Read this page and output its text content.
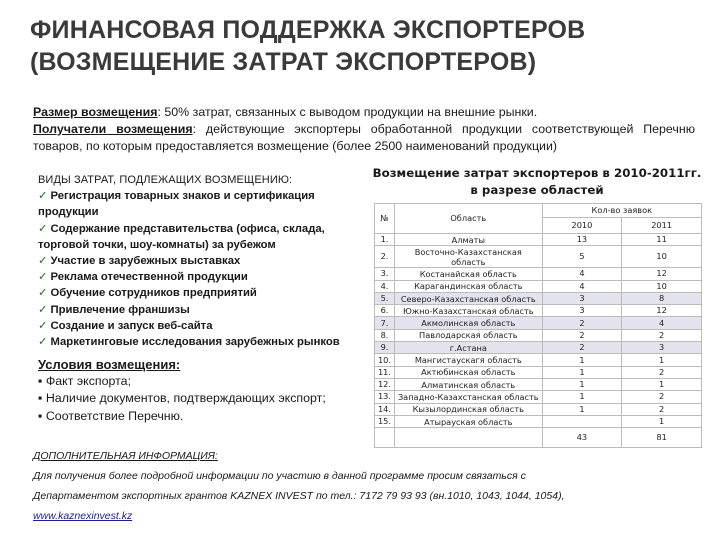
ФИНАНСОВАЯ ПОДДЕРЖКА ЭКСПОРТЕРОВ
(ВОЗМЕЩЕНИЕ ЗАТРАТ ЭКСПОРТЕРОВ)

Размер возмещения: 50% затрат, связанных с выводом продукции на внешние рынки.

Получатели возмещения: действующие экспортеры обработанной продукции соответствующей Перечню товаров, по которым предоставляется возмещение (более 2500 наименований продукции)

ВИДЫ ЗАТРАТ, ПОДЛЕЖАЩИХ ВОЗМЕЩЕНИЮ:
✓ Регистрация товарных знаков и сертификация продукции
✓ Содержание представительства (офиса, склада, торговой точки, шоу-комнаты) за рубежом
✓ Участие в зарубежных выставках
✓ Реклама отечественной продукции
✓ Обучение сотрудников предприятий
✓ Привлечение франшизы
✓ Создание и запуск веб-сайта
✓ Маркетинговые исследования зарубежных рынков
Условия возмещения:
▪ Факт экспорта;
▪ Наличие документов, подтверждающих экспорт;
▪ Соответствие Перечню.
Возмещение затрат экспортеров в 2010-2011гг.
в разрезе областей
№	Область	Кол-во заявок	
		2010	2011
1.	Алматы	13	11
2.	Восточно-Казахстанская область	5	10
3.	Костанайская область	4	12
4.	Карагандинская область	4	10
5.	Северо-Казахстанская область	3	8
6.	Южно-Казахстанская область	3	12
7.	Акмолинская область	2	4
8.	Павлодарская область	2	2
9.	г.Астана	2	3
10.	Мангистаускагя область	1	1
11.	Актюбинская область	1	2
12.	Алматинская область	1	1
13.	Западно-Казахстанская область	1	2
14.	Кызылординская область	1	2
15.	Атырауская область		1
		43	81
ДОПОЛНИТЕЛЬНАЯ ИНФОРМАЦИЯ:
Для получения более подробной информации по участию в данной программе просим связаться с
Департаментом экспортных грантов KAZNEX INVEST по тел.: 7172 79 93 93 (вн.1010, 1043, 1044, 1054),
www.kaznexinvest.kz
